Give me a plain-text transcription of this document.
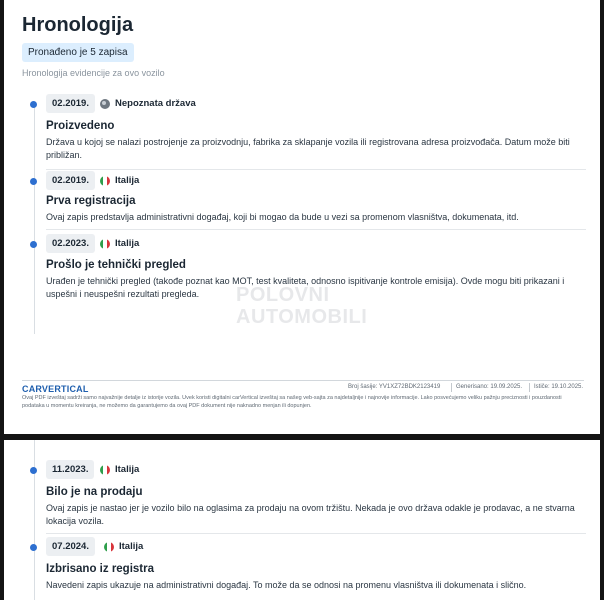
Hronologija
Pronađeno je 5 zapisa
Hronologija evidencije za ovo vozilo
02.2019.	Nepoznata država
Proizvedeno
Država u kojoj se nalazi postrojenje za proizvodnju, fabrika za sklapanje vozila ili registrovana adresa proizvođača. Datum može biti približan.
02.2019.	Italija
Prva registracija
Ovaj zapis predstavlja administrativni događaj, koji bi mogao da bude u vezi sa promenom vlasništva, dokumenata, itd.
02.2023.	Italija
Prošlo je tehnički pregled
Urađen je tehnički pregled (takođe poznat kao MOT, test kvaliteta, odnosno ispitivanje kontrole emisija). Ovde mogu biti prikazani i uspešni i neuspešni rezultati pregleda.	POLOVNI
AUTOMOBILI
CARVERTICAL	Broj šasije: YV1XZ72BDK2123419	Generisano: 19.09.2025. Ističe: 19.10.2025.
Ovaj PDF izveštaj sadrži samo najvažnije detalje iz istorije vozila. Uvek koristi digitalni carVertical izveštaj sa našeg veb-sajta za najdetaljnije i najnovije informacije. Lako posvećujemo veliku pažnju preciznosti i pouzdanosti podataka u momentu kreiranja, ne možemo da garantujemo da ovaj PDF dokument nije naknadno menjan ili dopunjen.
11.2023.	Italija
Bilo je na prodaju
Ovaj zapis je nastao jer je vozilo bilo na oglasima za prodaju na ovom tržištu. Nekada je ovo država odakle je prodavac, a ne stvarna lokacija vozila.
07.2024.	Italija
Izbrisano iz registra
Navedeni zapis ukazuje na administrativni događaj. To može da se odnosi na promenu vlasništva ili dokumenata i slično.
